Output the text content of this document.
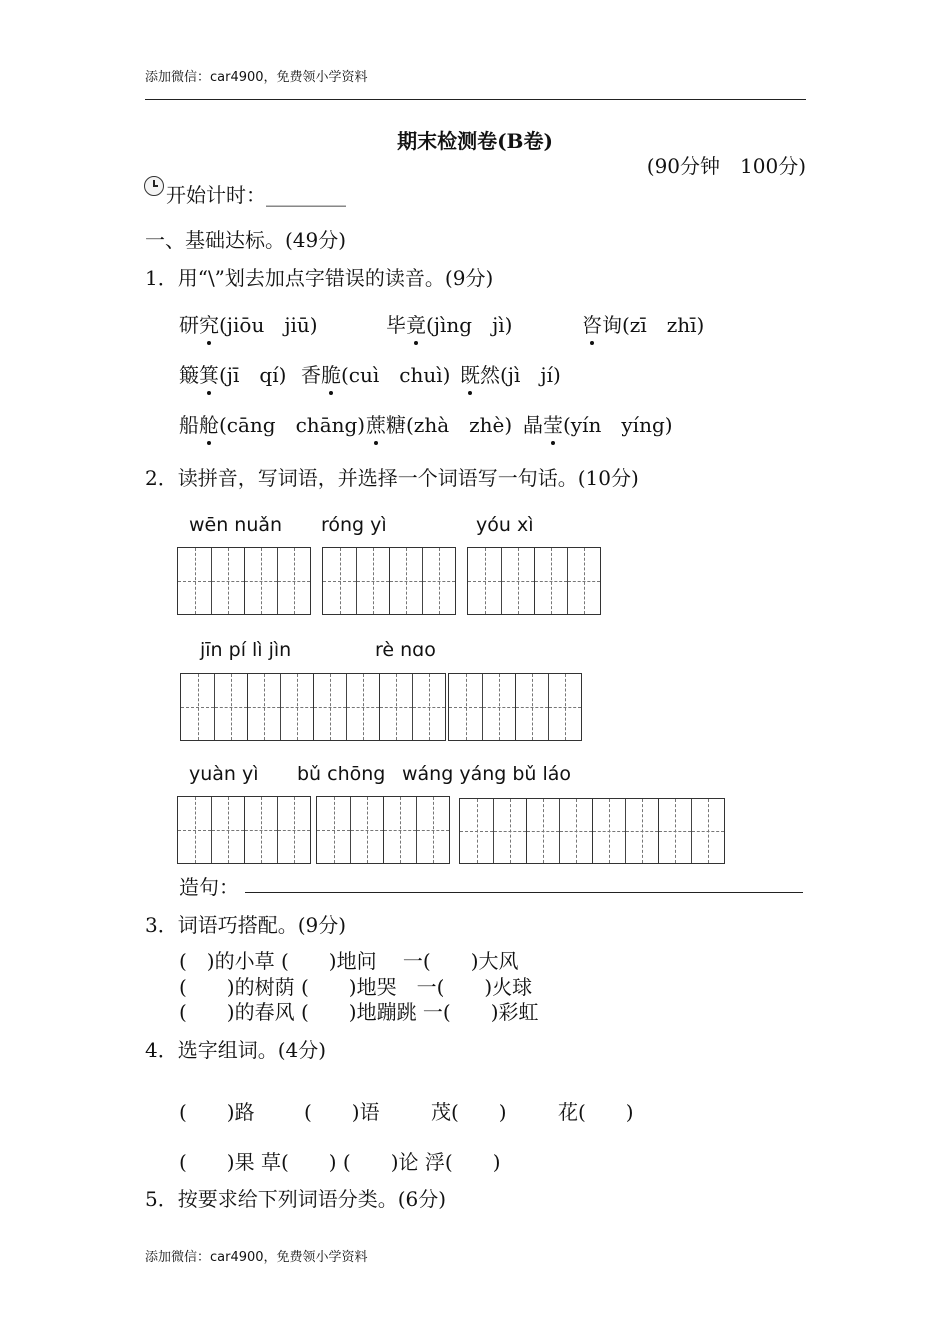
添加微信：car4900，免费领小学资料
期末检测卷(B卷)
(90分钟　100分)
开始计时：________
一、基础达标。(49分)
1．用“\”划去加点字错误的读音。(9分)
研究(jiōu　jiū)	毕竟(jìng　jì)	咨询(zī　zhī)
簸箕(jī　qí) 香脆(cuì　chuì) 既然(jì　jí)
船舱(cāng　chāng) 蔗糖(zhà　zhè) 晶莹(yín　yíng)
2．读拼音，写词语，并选择一个词语写一句话。(10分)
wēn nuǎn róng yì	yóu xì
jīn pí lì jìn	rè nɑo
yuàn yì bǔ chōng wáng yáng bǔ láo
造句：
3．词语巧搭配。(9分)
(　)的小草 (　　)地问　 一(　　)大风
(　　)的树荫 (　　)地哭　一(　　)火球
(　　)的春风 (　　)地蹦跳 一(　　)彩虹
4．选字组词。(4分)
(　　)路 (　　)语	茂(　　)	花(　　)
(　　)果 草(　　) (　　)论 浮(　　)
5．按要求给下列词语分类。(6分)
添加微信：car4900，免费领小学资料
